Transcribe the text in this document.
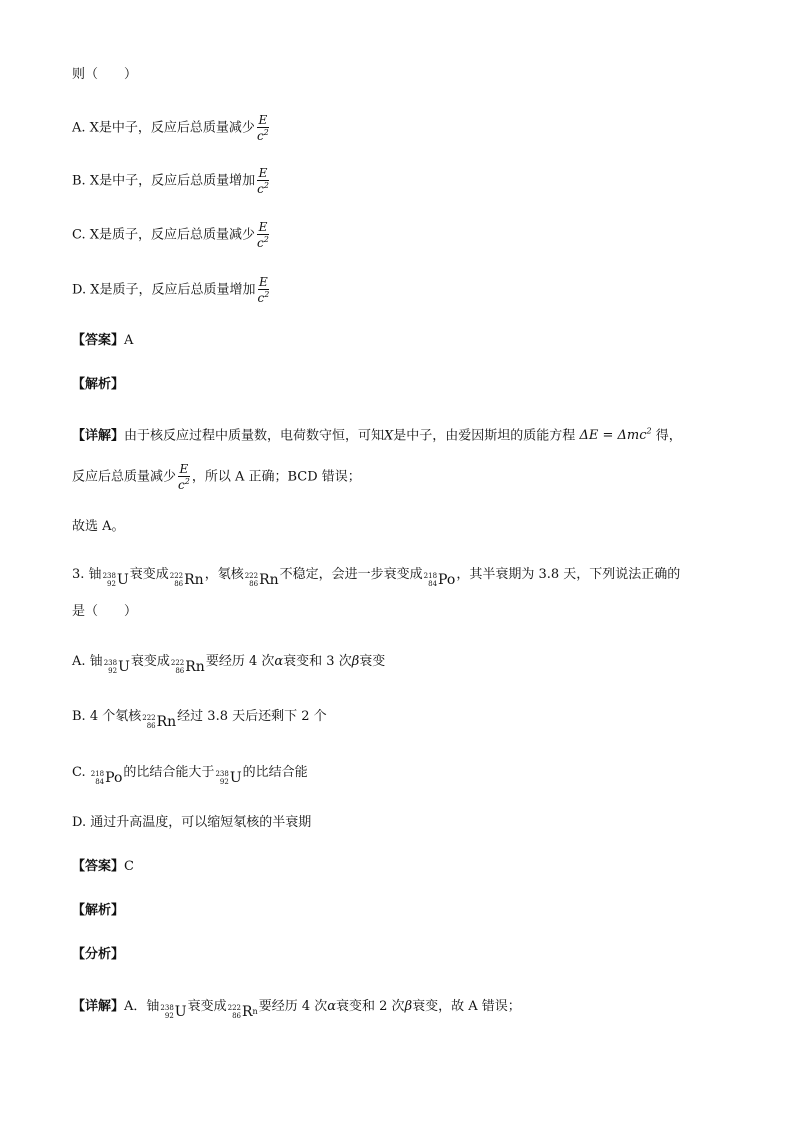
则（　　）
A. X是中子，反应后总质量减少 $\frac{E}{c^2}$
B. X是中子，反应后总质量增加 $\frac{E}{c^2}$
C. X是质子，反应后总质量减少 $\frac{E}{c^2}$
D. X是质子，反应后总质量增加 $\frac{E}{c^2}$
【答案】A
【解析】
【详解】由于核反应过程中质量数，电荷数守恒，可知X是中子，由爱因斯坦的质能方程 ΔE = Δmc$^2$ 得，
反应后总质量减少 $\frac{E}{c^2}$ ，所以 A 正确；BCD 错误；
故选 A。
3. 铀 238
92 U 衰变成 222
86 Rn ，氡核 222
86 Rn 不稳定，会进一步衰变成 218
84 Po ，其半衰期为 3.8 天，下列说法正确的
是（　　）
A. 铀 238
92 U 衰变成 222
86 Rn 要经历 4 次α衰变和 3 次β衰变
B. 4 个氡核 222
86 Rn 经过 3.8 天后还剩下 2 个
C. 218
84 Po 的比结合能大于 238
92 U 的比结合能
D. 通过升高温度，可以缩短氡核的半衰期
【答案】C
【解析】
【分析】
【详解】A．铀 238
92 U 衰变成 222
86 R n 要经历 4 次α衰变和 2 次β衰变，故 A 错误；
